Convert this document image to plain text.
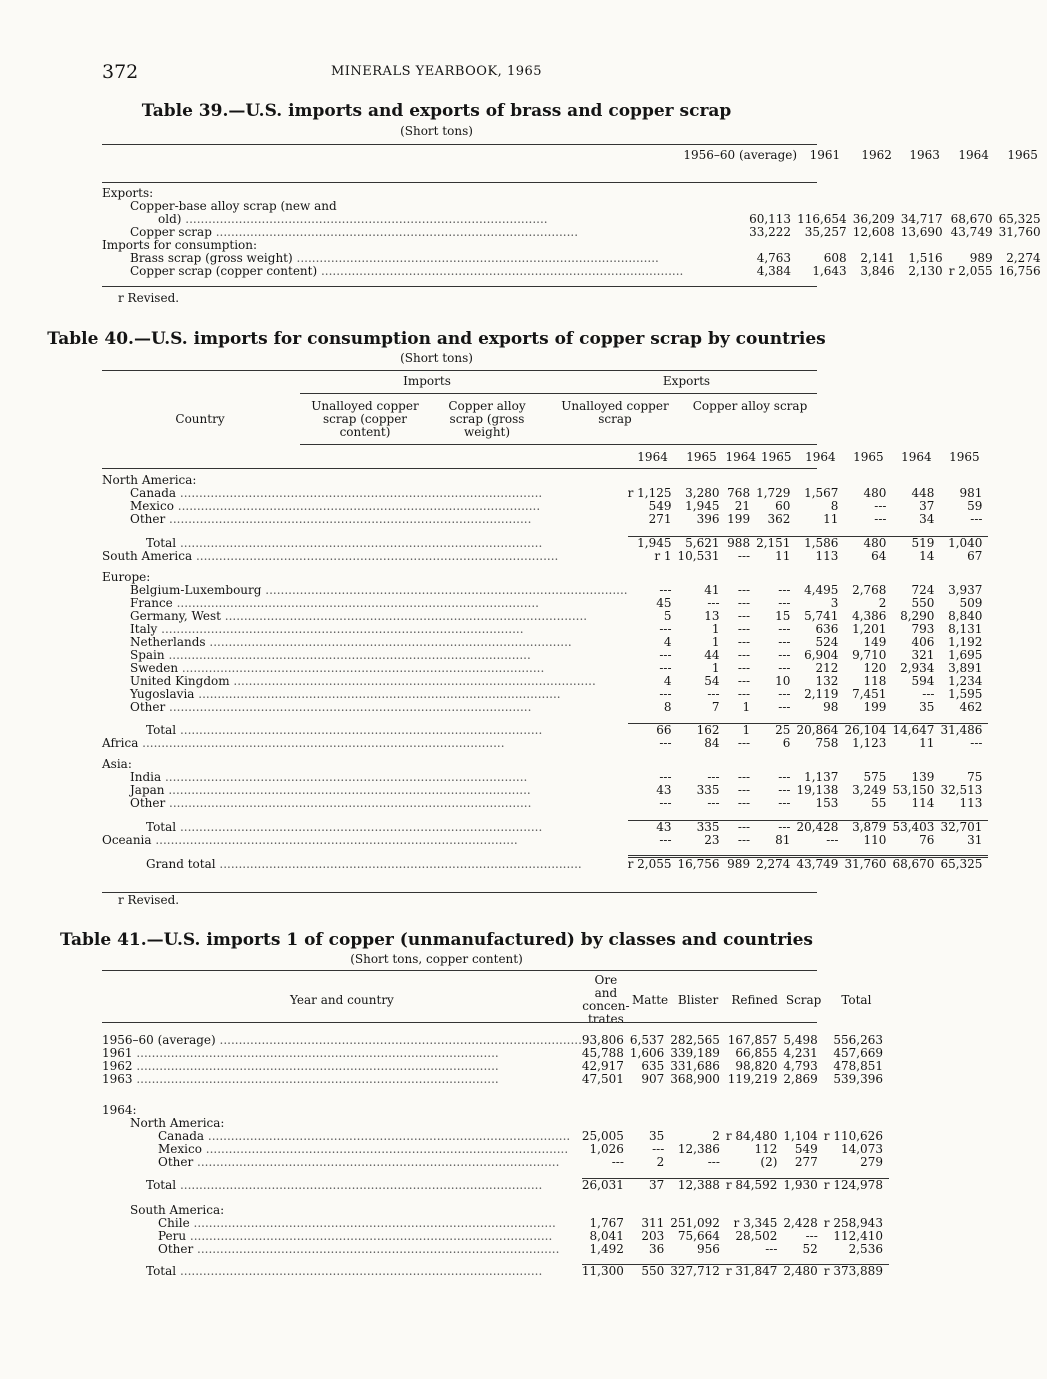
372	MINERALS YEARBOOK, 1965
Table 39.—U.S. imports and exports of brass and copper scrap
(Short tons)
	1956–60 (average)	1961	1962	1963	1964	1965

Exports:						
Copper-base alloy scrap (new and						
old) .....	60,113	116,654	36,209	34,717	68,670	65,325
Copper scrap .....	33,222	35,257	12,608	13,690	43,749	31,760
Imports for consumption:						
Brass scrap (gross weight) .....	4,763	608	2,141	1,516	989	2,274
Copper scrap (copper content) .....	4,384	1,643	3,846	2,130	r 2,055	16,756
r Revised.
Table 40.—U.S. imports for consumption and exports of copper scrap by countries
(Short tons)
Imports	Exports
Country
Unalloyed copper scrap (copper content)
Copper alloy scrap (gross weight)
Unalloyed copper scrap
Copper alloy scrap
	1964	1965	1964	1965	1964	1965	1964	1965

North America:								
Canada .....	r 1,125	3,280	768	1,729	1,567	480	448	981
Mexico .....	549	1,945	21	60	8	---	37	59
Other .....	271	396	199	362	11	---	34	---

Total .....	1,945	5,621	988	2,151	1,586	480	519	1,040
South America .....	r 1	10,531	---	11	113	64	14	67

Europe:								
Belgium-Luxembourg .....	---	41	---	---	4,495	2,768	724	3,937
France .....	45	---	---	---	3	2	550	509
Germany, West .....	5	13	---	15	5,741	4,386	8,290	8,840
Italy .....	---	1	---	---	636	1,201	793	8,131
Netherlands .....	4	1	---	---	524	149	406	1,192
Spain .....	---	44	---	---	6,904	9,710	321	1,695
Sweden .....	---	1	---	---	212	120	2,934	3,891
United Kingdom .....	4	54	---	10	132	118	594	1,234
Yugoslavia .....	---	---	---	---	2,119	7,451	---	1,595
Other .....	8	7	1	---	98	199	35	462

Total .....	66	162	1	25	20,864	26,104	14,647	31,486
Africa .....	---	84	---	6	758	1,123	11	---

Asia:								
India .....	---	---	---	---	1,137	575	139	75
Japan .....	43	335	---	---	19,138	3,249	53,150	32,513
Other .....	---	---	---	---	153	55	114	113

Total .....	43	335	---	---	20,428	3,879	53,403	32,701
Oceania .....	---	23	---	81	---	110	76	31

Grand total .....	r 2,055	16,756	989	2,274	43,749	31,760	68,670	65,325
r Revised.
Table 41.—U.S. imports 1 of copper (unmanufactured) by classes and countries
(Short tons, copper content)
Year and country	Ore and concen-trates	Matte	Blister	Refined	Scrap	Total

1956–60 (average) .....	93,806	6,537	282,565	167,857	5,498	556,263
1961 .....	45,788	1,606	339,189	66,855	4,231	457,669
1962 .....	42,917	635	331,686	98,820	4,793	478,851
1963 .....	47,501	907	368,900	119,219	2,869	539,396

1964:						
North America:						
Canada .....	25,005	35	2	r 84,480	1,104	r 110,626
Mexico .....	1,026	---	12,386	112	549	14,073
Other .....	---	2	---	(2)	277	279

Total .....	26,031	37	12,388	r 84,592	1,930	r 124,978

South America:						
Chile .....	1,767	311	251,092	r 3,345	2,428	r 258,943
Peru .....	8,041	203	75,664	28,502	---	112,410
Other .....	1,492	36	956	---	52	2,536

Total .....	11,300	550	327,712	r 31,847	2,480	r 373,889
